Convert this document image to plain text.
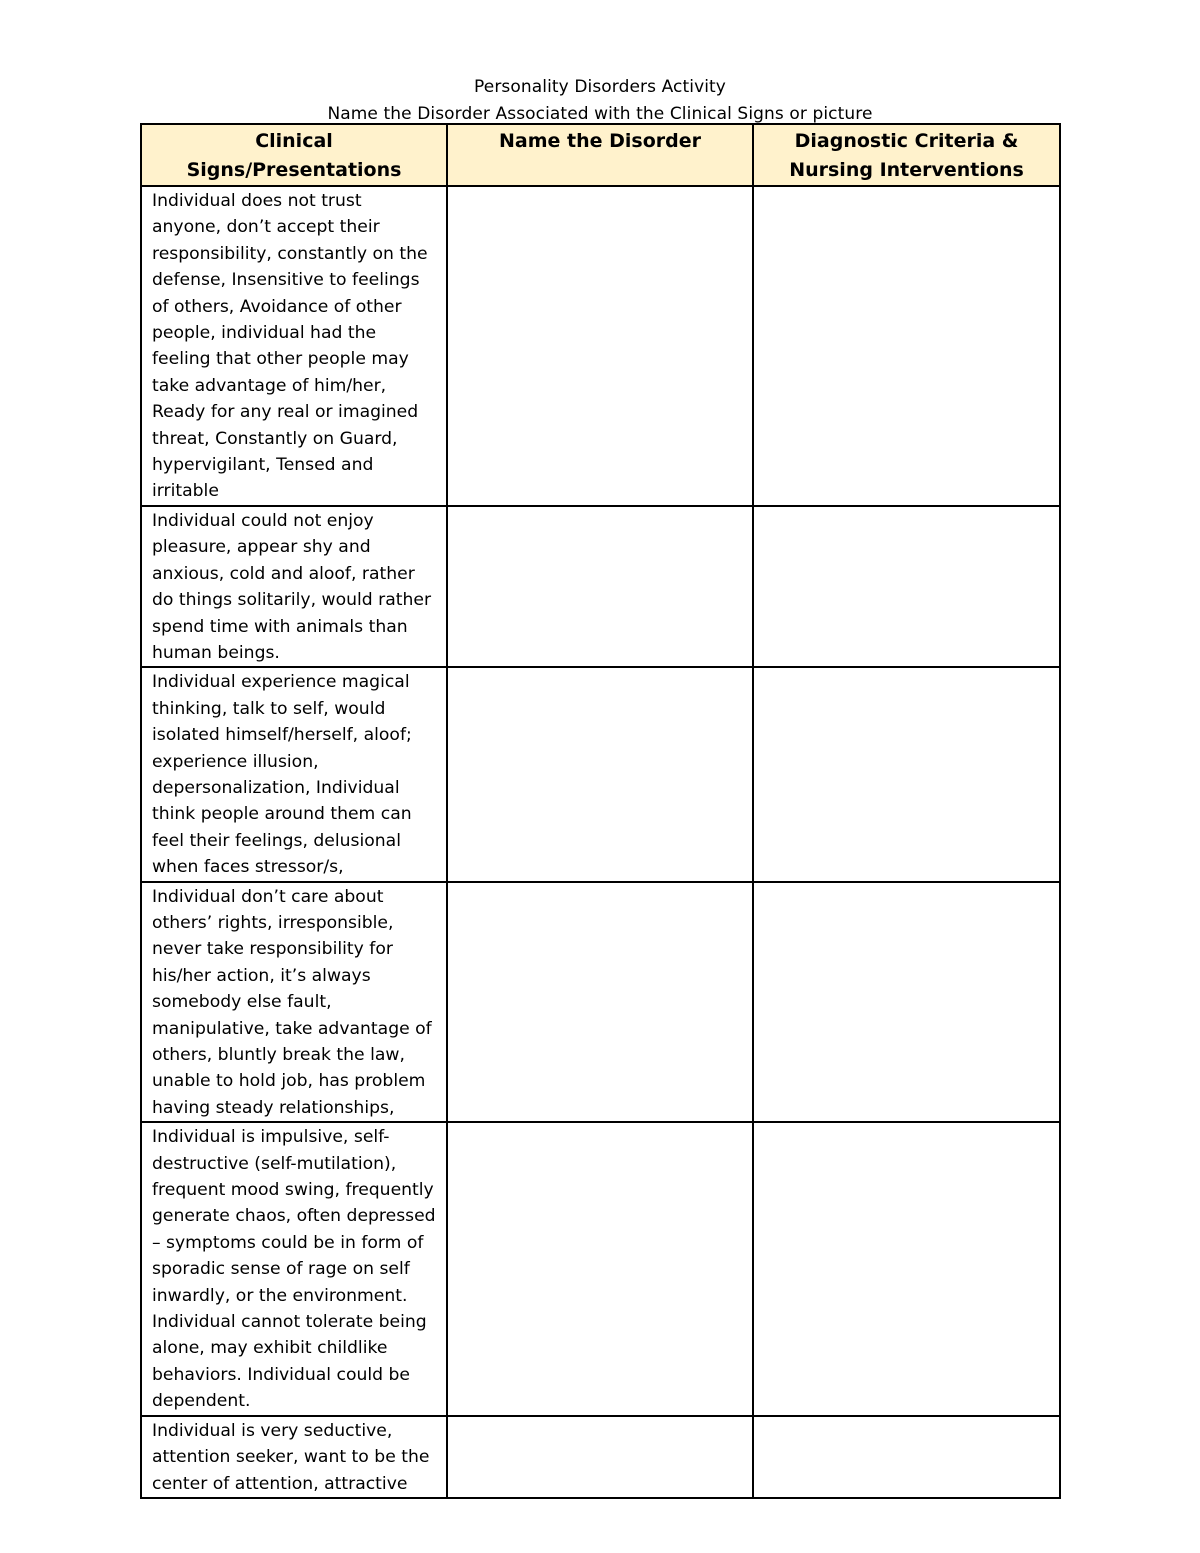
Personality Disorders Activity
Name the Disorder Associated with the Clinical Signs or picture
Clinical Signs/Presentations	Name the Disorder	Diagnostic Criteria & Nursing Interventions

Individual does not trust anyone, don’t accept their responsibility, constantly on the defense, Insensitive to feelings of others, Avoidance of other people, individual had the feeling that other people may take advantage of him/her, Ready for any real or imagined threat, Constantly on Guard, hypervigilant, Tensed and irritable		

Individual could not enjoy pleasure, appear shy and anxious, cold and aloof, rather do things solitarily, would rather spend time with animals than human beings.		

Individual experience magical thinking, talk to self, would isolated himself/herself, aloof; experience illusion, depersonalization, Individual think people around them can feel their feelings, delusional when faces stressor/s,		

Individual don’t care about others’ rights, irresponsible, never take responsibility for his/her action, it’s always somebody else fault, manipulative, take advantage of others, bluntly break the law, unable to hold job, has problem having steady relationships,		

Individual is impulsive, self-destructive (self-mutilation), frequent mood swing, frequently generate chaos, often depressed – symptoms could be in form of sporadic sense of rage on self inwardly, or the environment. Individual cannot tolerate being alone, may exhibit childlike behaviors. Individual could be dependent.		

Individual is very seductive, attention seeker, want to be the center of attention, attractive		
